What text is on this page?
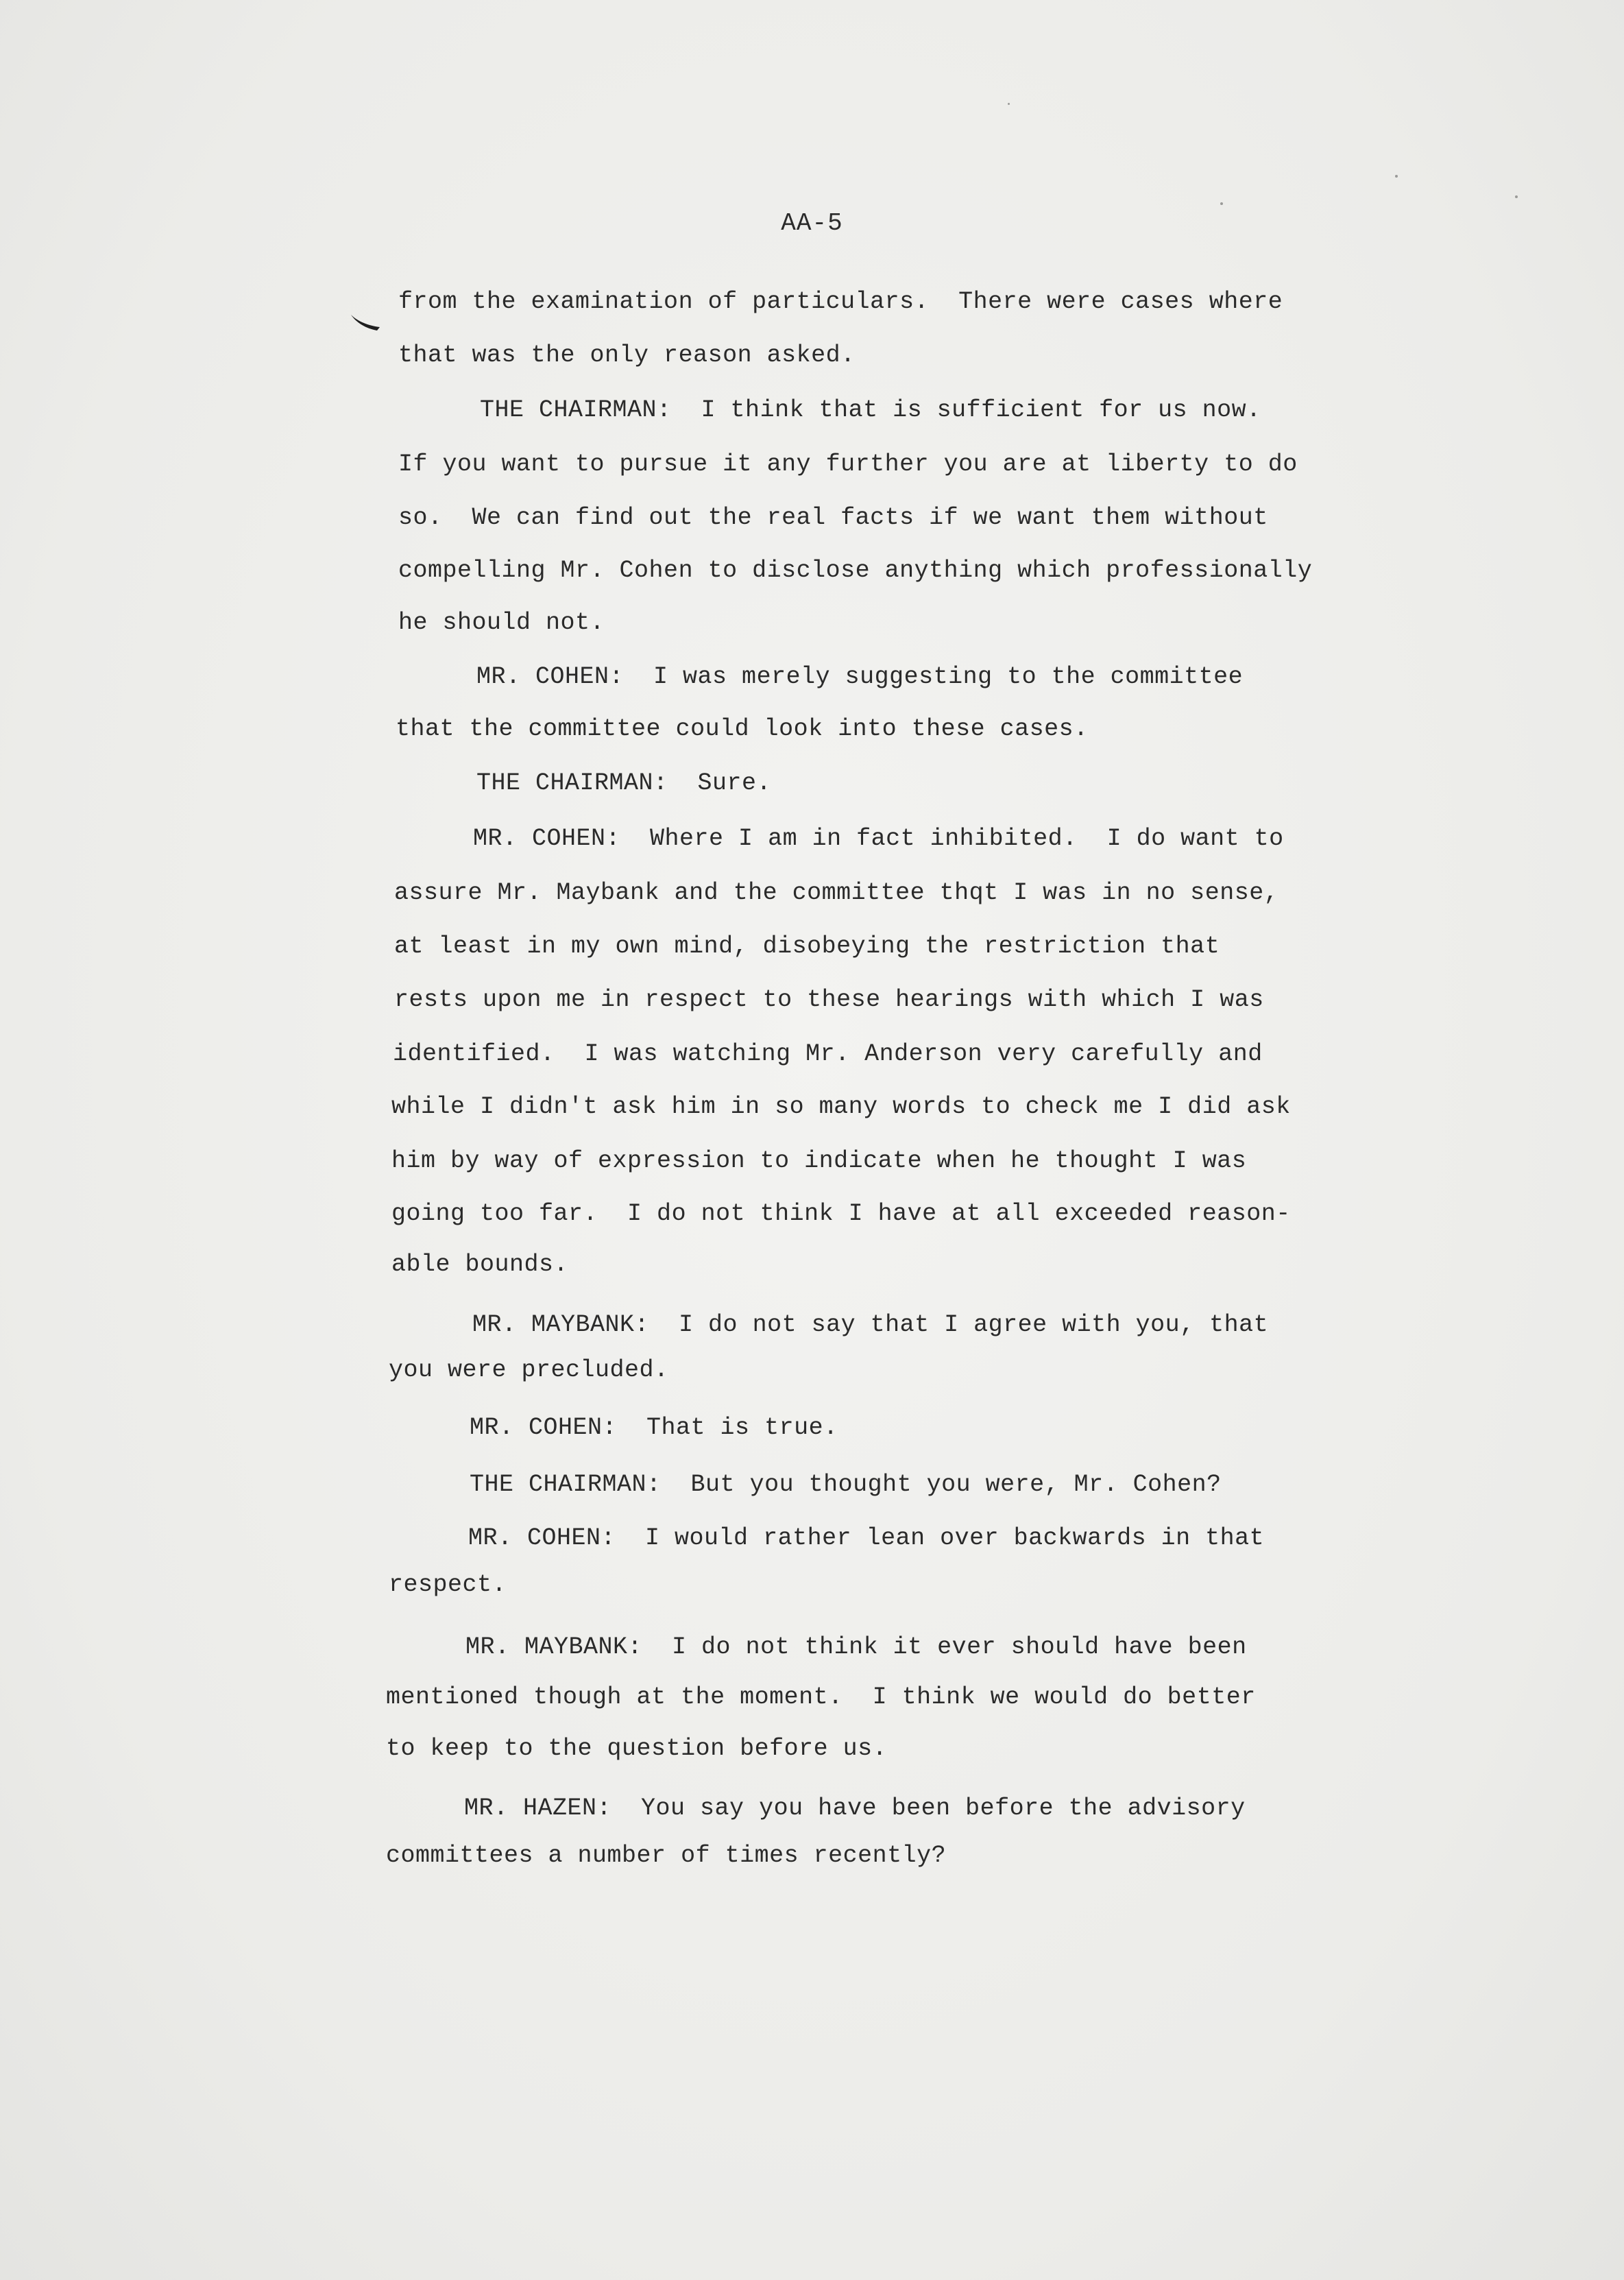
AA-5
from the examination of particulars.  There were cases where
that was the only reason asked.
THE CHAIRMAN:  I think that is sufficient for us now.
If you want to pursue it any further you are at liberty to do
so.  We can find out the real facts if we want them without
compelling Mr. Cohen to disclose anything which professionally
he should not.
MR. COHEN:  I was merely suggesting to the committee
that the committee could look into these cases.
THE CHAIRMAN:  Sure.
MR. COHEN:  Where I am in fact inhibited.  I do want to
assure Mr. Maybank and the committee thqt I was in no sense,
at least in my own mind, disobeying the restriction that
rests upon me in respect to these hearings with which I was
identified.  I was watching Mr. Anderson very carefully and
while I didn't ask him in so many words to check me I did ask
him by way of expression to indicate when he thought I was
going too far.  I do not think I have at all exceeded reason-
able bounds.
MR. MAYBANK:  I do not say that I agree with you, that
you were precluded.
MR. COHEN:  That is true.
THE CHAIRMAN:  But you thought you were, Mr. Cohen?
MR. COHEN:  I would rather lean over backwards in that
respect.
MR. MAYBANK:  I do not think it ever should have been
mentioned though at the moment.  I think we would do better
to keep to the question before us.
MR. HAZEN:  You say you have been before the advisory
committees a number of times recently?
